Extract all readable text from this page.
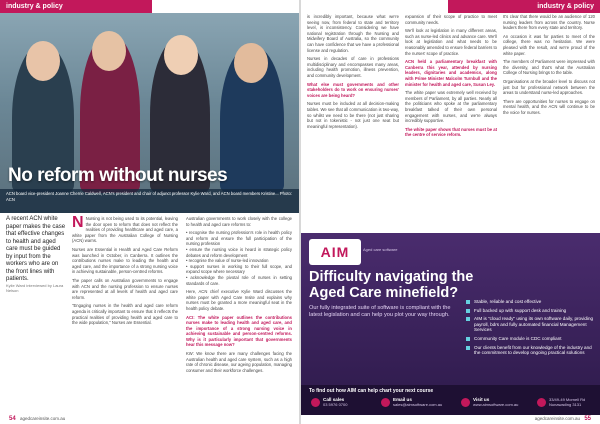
industry & policy
No reform without nurses
ACN board vice-president Joanne Cherrie Caldwell, ACN's president and chair of adjunct professor Kylie Ward, and ACN board members Kristine... Photo: ACN
A recent ACN white paper makes the case that effective changes to health and aged care must be guided by input from the workers who are on the front lines with patients.
Kylie Ward interviewed by Laura Nelson

N Nursing is not being used to its potential, leaving the door open to reform that does not reflect the realities of providing healthcare and aged care, a white paper from the Australian College of Nursing (ACN) warns.

Nurses are Essential in Health and Aged Care Reform was launched in October, in Canberra. It outlines the contributions nurses make to leading the health and aged care, and the importance of a strong nursing voice in achieving sustainable, person-centred reforms.

The paper calls on Australian governments to engage with ACN and the nursing profession to ensure nurses are represented at all levels of health and aged care reform.

"Engaging nurses in the health and aged care reform agenda is critically important to ensure that it reflects the practical realities of providing health and aged care to the wide population," Nurses are Essential.

Australian governments to work closely with the college to health and aged care reforms to:

• recognise the nursing profession's role in health policy and reform and ensure the full participation of the nursing profession

• ensure the nursing voice is heard in strategic policy debates and reform development

• recognise the value of nurse-led innovation

• support nurses in working to their full scope, and expand scope where necessary

• acknowledge the pivotal role of nurses in setting standards of care.

Here, ACN chief executive Kylie Ward discusses the white paper with Aged Care Insite and explains why nurses must be granted a more meaningful seat in the health policy debate.

ACI: The white paper outlines the contributions nurses make to leading health and aged care, and the importance of a strong nursing voice in achieving sustainable and person-centred reforms. Why is it particularly important that governments hear this message now?

KW: We know there are many challenges facing the Australian health and aged care system, such as a high rate of chronic disease, our ageing population, managing consumer and their workforce challenges.

54 agedcareinsite.com.au
industry & policy

is incredibly important, because what we're seeing now, from federal to state and territory level, is inconsistency. Considering we have national registration through the Nursing and Midwifery Board of Australia, so the community can have confidence that we have a professional license and regulation.

Nurses in decades of care in professions multidisciplinary and encompasses many areas, including health promotion, illness prevention, and community development.

What else must governments and other stakeholders do to work on ensuring nurses' voices are being heard?

Nurses must be included at all decision-making tables. We see that all communication is two-way, so whilst we need to be there (not just sharing but not in tokenistic - not just one seat but meaningful representation).

expansion of their scope of practice to meet community needs.

We'll look at legislation in many different areas, such as nurse-led clinics and advance care. We'll look at legislation and what needs to be reasonably amended to ensure federal barriers to the nurses' scope of practice.

ACN held a parliamentary breakfast with Canberra this year, attended by nursing leaders, dignitaries and academics, along with Prime Minister Malcolm Turnbull and the minister for health and aged care, Susan Ley.

The white paper was extremely well received by members of Parliament, by all parties. Nearly all the politicians who spoke at the parliamentary breakfast talked of their own personal engagement with nurses, and we're always incredibly supportive.

The white paper shows that nurses must be at the centre of service reform.

It's clear that there would be an audience of 120 nursing leaders from across the country. Nurse leaders there from every state and territory.

An occasion it was for parties to meet of the college, there was no hesitation. We were pleased with the result, and we're proud of the white paper.

The members of Parliament were impressed with the diversity, and that's what the Australian College of Nursing brings to the table.

Organisations at the broader level to discuss not just but for professional network between the areas to understand nurse-led approaches.

There are opportunities for nurses to engage on mental health, and the ACN will continue to be the voice for nurses.

AIM	Aged care software
Difficulty navigating the Aged Care minefield?
Our fully integrated suite of software is compliant with the latest legislation and can help you plot your way through.
Stable, reliable and cost effective
Full backed up with support desk and training
AIM is "cloud ready" using its own software daily, providing payroll, bdrs and fully automated financial Management Services
Community Care module is CDC compliant
Our clients benefit from our knowledge of the industry and the commitment to develop ongoing practical solutions
To find out how AIM can help chart your next course
Call sales
03 5976 0700
Email us
sales@aimsoftware.com.au
Visit us
www.aimsoftware.com.au
33/49-49 Mornell Rd Nunawading 3131
agedcareinsite.com.au 55
